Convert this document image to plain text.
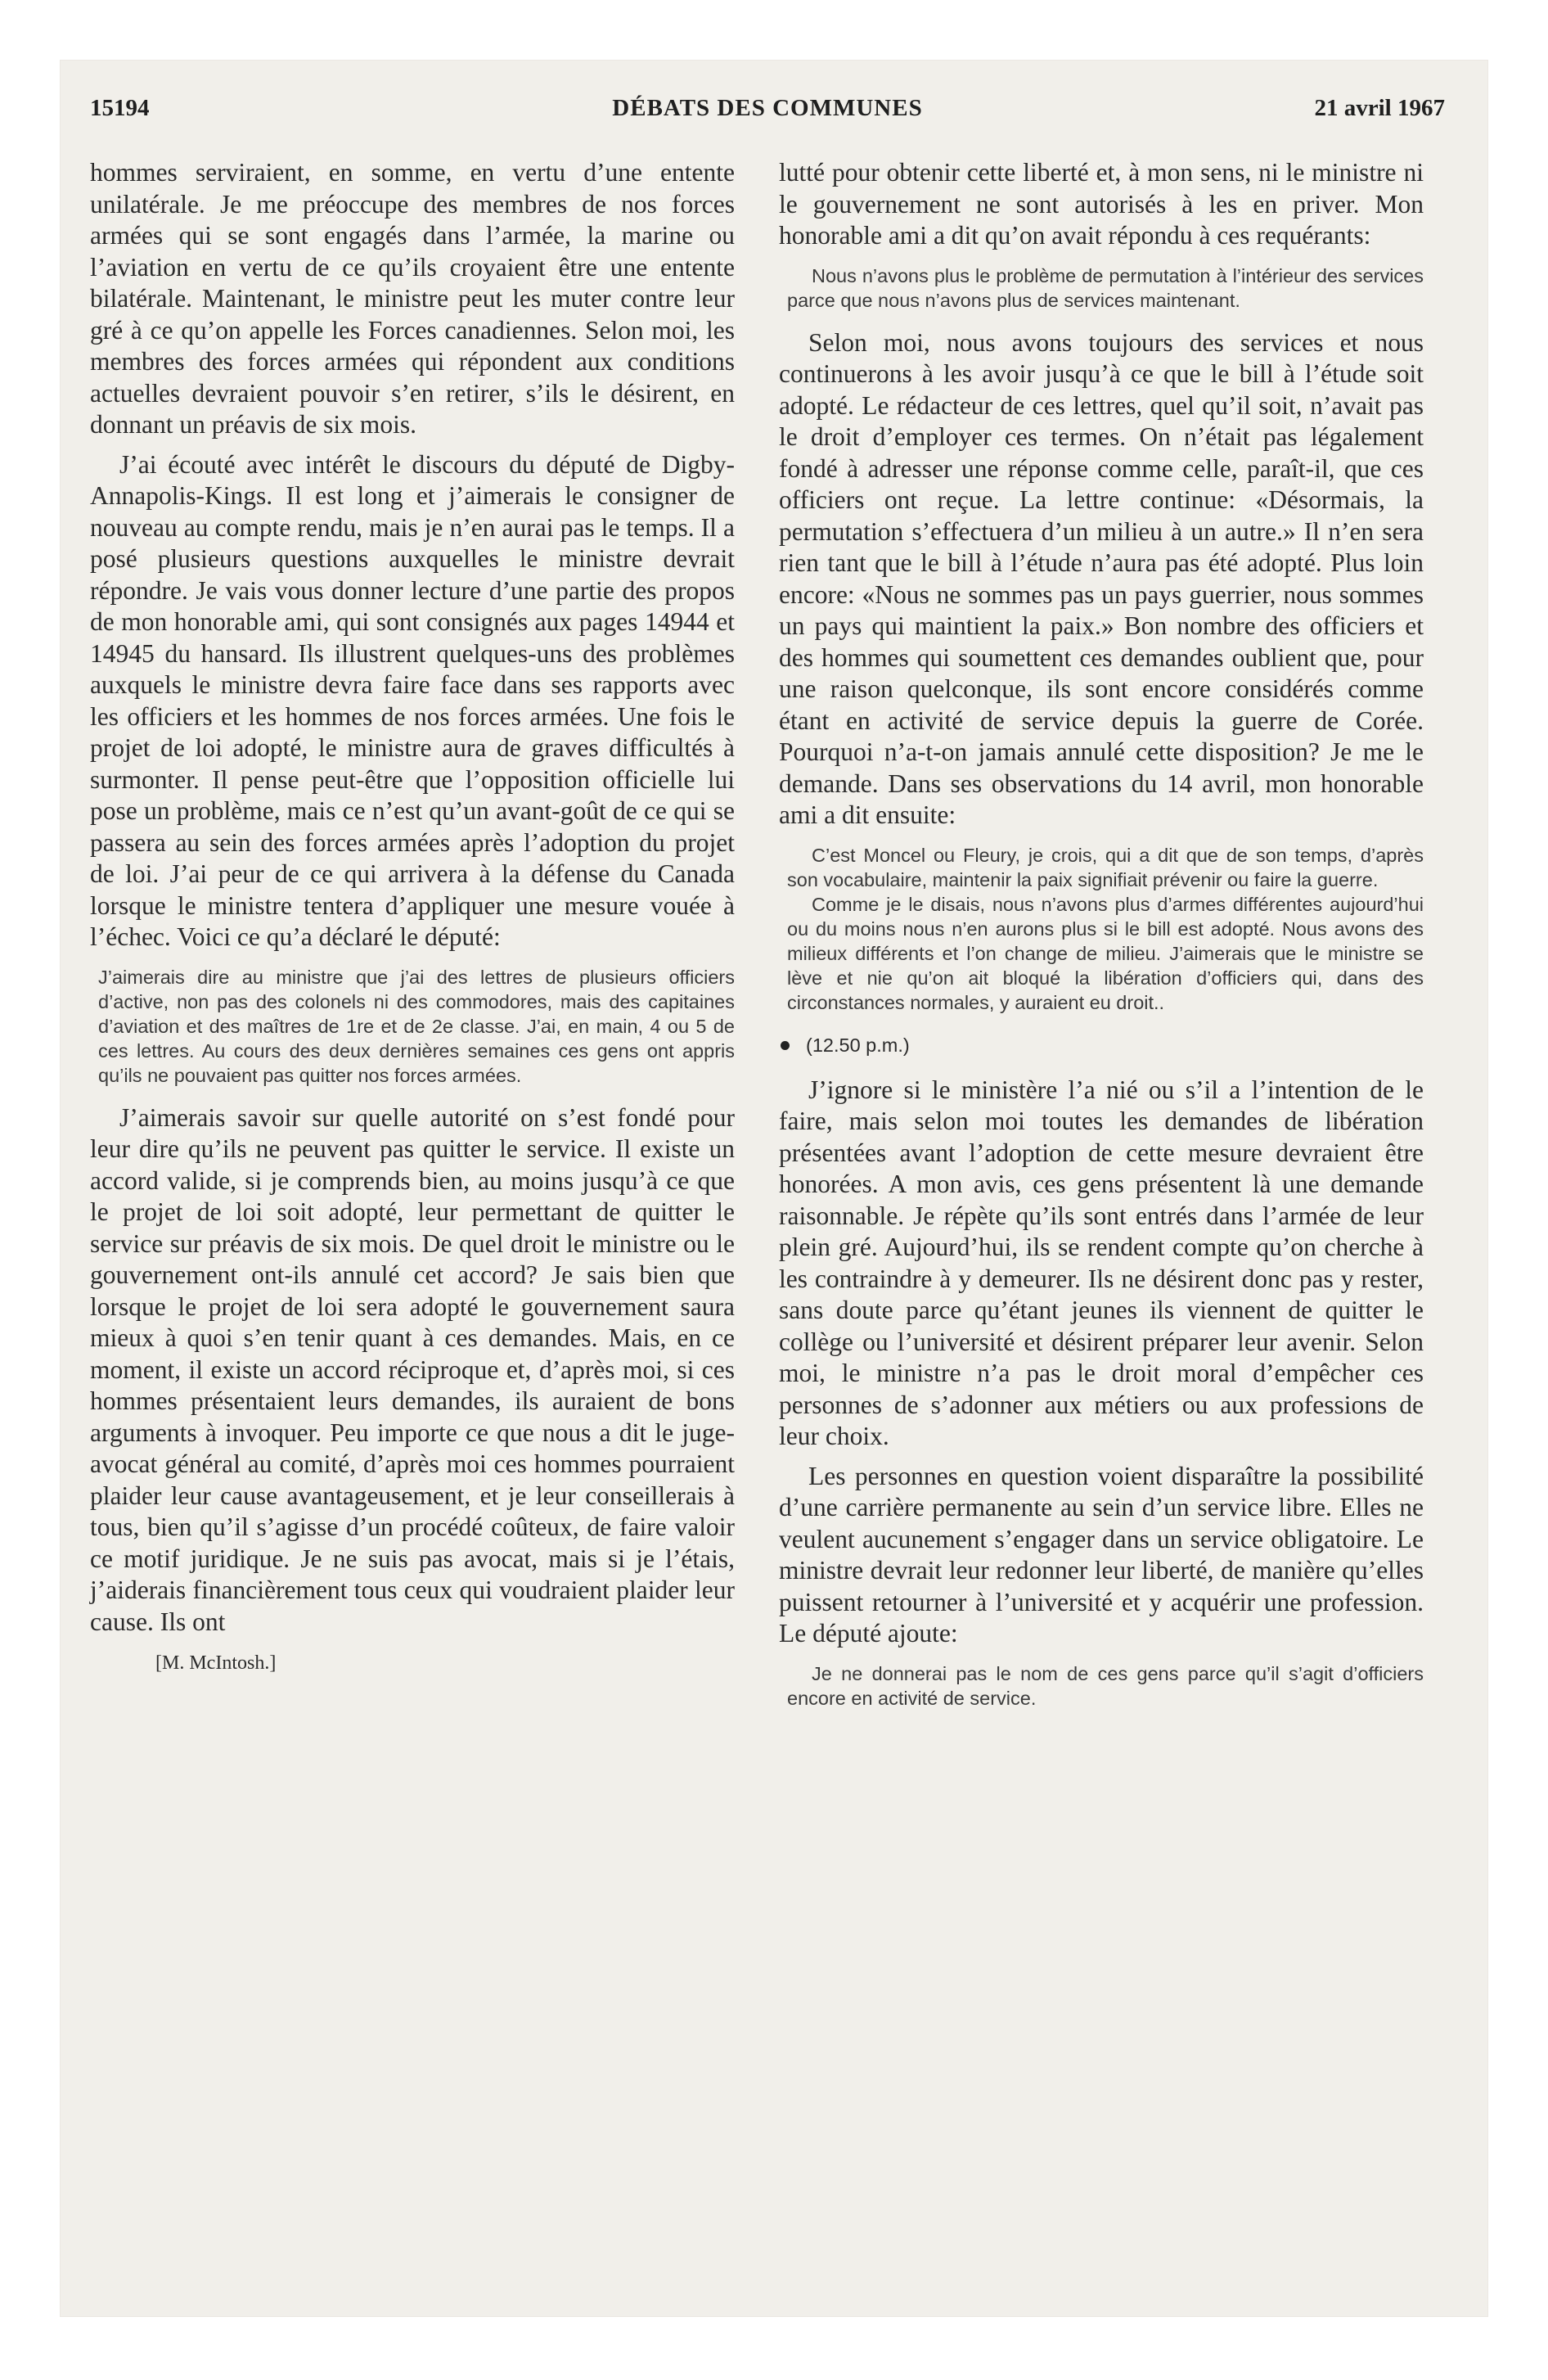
15194	DÉBATS DES COMMUNES	21 avril 1967

hommes serviraient, en somme, en vertu d’une entente unilatérale. Je me préoccupe des membres de nos forces armées qui se sont engagés dans l’armée, la marine ou l’aviation en vertu de ce qu’ils croyaient être une entente bilatérale. Maintenant, le ministre peut les muter contre leur gré à ce qu’on appelle les Forces canadiennes. Selon moi, les membres des forces armées qui répondent aux conditions actuelles devraient pouvoir s’en retirer, s’ils le désirent, en donnant un préavis de six mois.

J’ai écouté avec intérêt le discours du député de Digby-Annapolis-Kings. Il est long et j’aimerais le consigner de nouveau au compte rendu, mais je n’en aurai pas le temps. Il a posé plusieurs questions auxquelles le ministre devrait répondre. Je vais vous donner lecture d’une partie des propos de mon honorable ami, qui sont consignés aux pages 14944 et 14945 du hansard. Ils illustrent quelques-uns des problèmes auxquels le ministre devra faire face dans ses rapports avec les officiers et les hommes de nos forces armées. Une fois le projet de loi adopté, le ministre aura de graves difficultés à surmonter. Il pense peut-être que l’opposition officielle lui pose un problème, mais ce n’est qu’un avant-goût de ce qui se passera au sein des forces armées après l’adoption du projet de loi. J’ai peur de ce qui arrivera à la défense du Canada lorsque le ministre tentera d’appliquer une mesure vouée à l’échec. Voici ce qu’a déclaré le député:

J’aimerais dire au ministre que j’ai des lettres de plusieurs officiers d’active, non pas des colonels ni des commodores, mais des capitaines d’aviation et des maîtres de 1re et de 2e classe. J’ai, en main, 4 ou 5 de ces lettres. Au cours des deux dernières semaines ces gens ont appris qu’ils ne pouvaient pas quitter nos forces armées.

J’aimerais savoir sur quelle autorité on s’est fondé pour leur dire qu’ils ne peuvent pas quitter le service. Il existe un accord valide, si je comprends bien, au moins jusqu’à ce que le projet de loi soit adopté, leur permettant de quitter le service sur préavis de six mois. De quel droit le ministre ou le gouvernement ont-ils annulé cet accord? Je sais bien que lorsque le projet de loi sera adopté le gouvernement saura mieux à quoi s’en tenir quant à ces demandes. Mais, en ce moment, il existe un accord réciproque et, d’après moi, si ces hommes présentaient leurs demandes, ils auraient de bons arguments à invoquer. Peu importe ce que nous a dit le juge-avocat général au comité, d’après moi ces hommes pourraient plaider leur cause avantageusement, et je leur conseillerais à tous, bien qu’il s’agisse d’un procédé coûteux, de faire valoir ce motif juridique. Je ne suis pas avocat, mais si je l’étais, j’aiderais financièrement tous ceux qui voudraient plaider leur cause. Ils ont

[M. McIntosh.]

lutté pour obtenir cette liberté et, à mon sens, ni le ministre ni le gouvernement ne sont autorisés à les en priver. Mon honorable ami a dit qu’on avait répondu à ces requérants:

Nous n’avons plus le problème de permutation à l’intérieur des services parce que nous n’avons plus de services maintenant.

Selon moi, nous avons toujours des services et nous continuerons à les avoir jusqu’à ce que le bill à l’étude soit adopté. Le rédacteur de ces lettres, quel qu’il soit, n’avait pas le droit d’employer ces termes. On n’était pas légalement fondé à adresser une réponse comme celle, paraît-il, que ces officiers ont reçue. La lettre continue: «Désormais, la permutation s’effectuera d’un milieu à un autre.» Il n’en sera rien tant que le bill à l’étude n’aura pas été adopté. Plus loin encore: «Nous ne sommes pas un pays guerrier, nous sommes un pays qui maintient la paix.» Bon nombre des officiers et des hommes qui soumettent ces demandes oublient que, pour une raison quelconque, ils sont encore considérés comme étant en activité de service depuis la guerre de Corée. Pourquoi n’a-t-on jamais annulé cette disposition? Je me le demande. Dans ses observations du 14 avril, mon honorable ami a dit ensuite:

C’est Moncel ou Fleury, je crois, qui a dit que de son temps, d’après son vocabulaire, maintenir la paix signifiait prévenir ou faire la guerre.
Comme je le disais, nous n’avons plus d’armes différentes aujourd’hui ou du moins nous n’en aurons plus si le bill est adopté. Nous avons des milieux différents et l’on change de milieu. J’aimerais que le ministre se lève et nie qu’on ait bloqué la libération d’officiers qui, dans des circonstances normales, y auraient eu droit..
(12.50 p.m.)

J’ignore si le ministère l’a nié ou s’il a l’intention de le faire, mais selon moi toutes les demandes de libération présentées avant l’adoption de cette mesure devraient être honorées. A mon avis, ces gens présentent là une demande raisonnable. Je répète qu’ils sont entrés dans l’armée de leur plein gré. Aujourd’hui, ils se rendent compte qu’on cherche à les contraindre à y demeurer. Ils ne désirent donc pas y rester, sans doute parce qu’étant jeunes ils viennent de quitter le collège ou l’université et désirent préparer leur avenir. Selon moi, le ministre n’a pas le droit moral d’empêcher ces personnes de s’adonner aux métiers ou aux professions de leur choix.

Les personnes en question voient disparaître la possibilité d’une carrière permanente au sein d’un service libre. Elles ne veulent aucunement s’engager dans un service obligatoire. Le ministre devrait leur redonner leur liberté, de manière qu’elles puissent retourner à l’université et y acquérir une profession. Le député ajoute:

Je ne donnerai pas le nom de ces gens parce qu’il s’agit d’officiers encore en activité de service.
